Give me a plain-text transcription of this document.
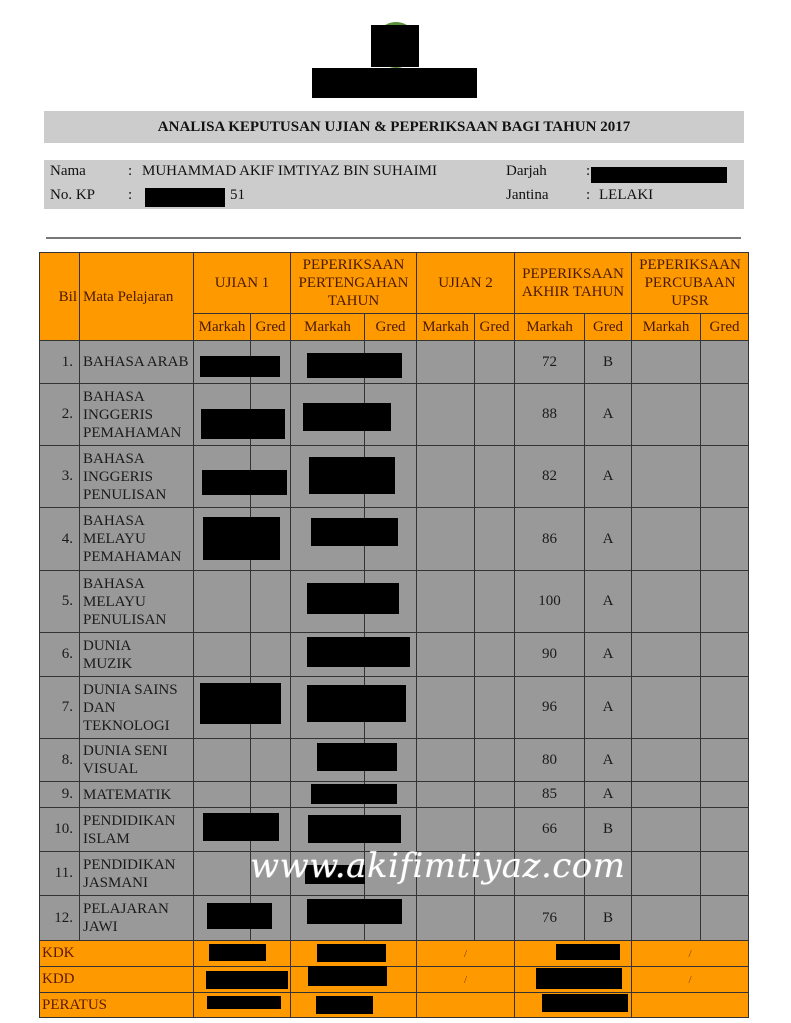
ANALISA KEPUTUSAN UJIAN & PEPERIKSAAN BAGI TAHUN 2017
Nama	: MUHAMMAD AKIF IMTIYAZ BIN SUHAIMI
No. KP :	51
Darjah	:
Jantina	: LELAKI
Bil	Mata Pelajaran	UJIAN 1		PEPERIKSAAN PERTENGAHAN TAHUN		UJIAN 2		PEPERIKSAAN AKHIR TAHUN		PEPERIKSAAN PERCUBAAN UPSR	
		Markah	Gred	Markah	Gred	Markah	Gred	Markah	Gred	Markah	Gred
1.	BAHASA ARAB							72	B		
2.	BAHASA INGGERIS PEMAHAMAN							88	A		
3.	BAHASA INGGERIS PENULISAN							82	A		
4.	BAHASA MELAYU PEMAHAMAN							86	A		
5.	BAHASA MELAYU PENULISAN							100	A		
6.	DUNIA MUZIK							90	A		
7.	DUNIA SAINS DAN TEKNOLOGI							96	A		
8.	DUNIA SENI VISUAL							80	A		
9.	MATEMATIK							85	A		
10.	PENDIDIKAN ISLAM							66	B		
11.	PENDIDIKAN JASMANI										
12.	PELAJARAN JAWI							76	B		
KDK						/				/	
KDD						/				/	
PERATUS											
www.akifimtiyaz.com
